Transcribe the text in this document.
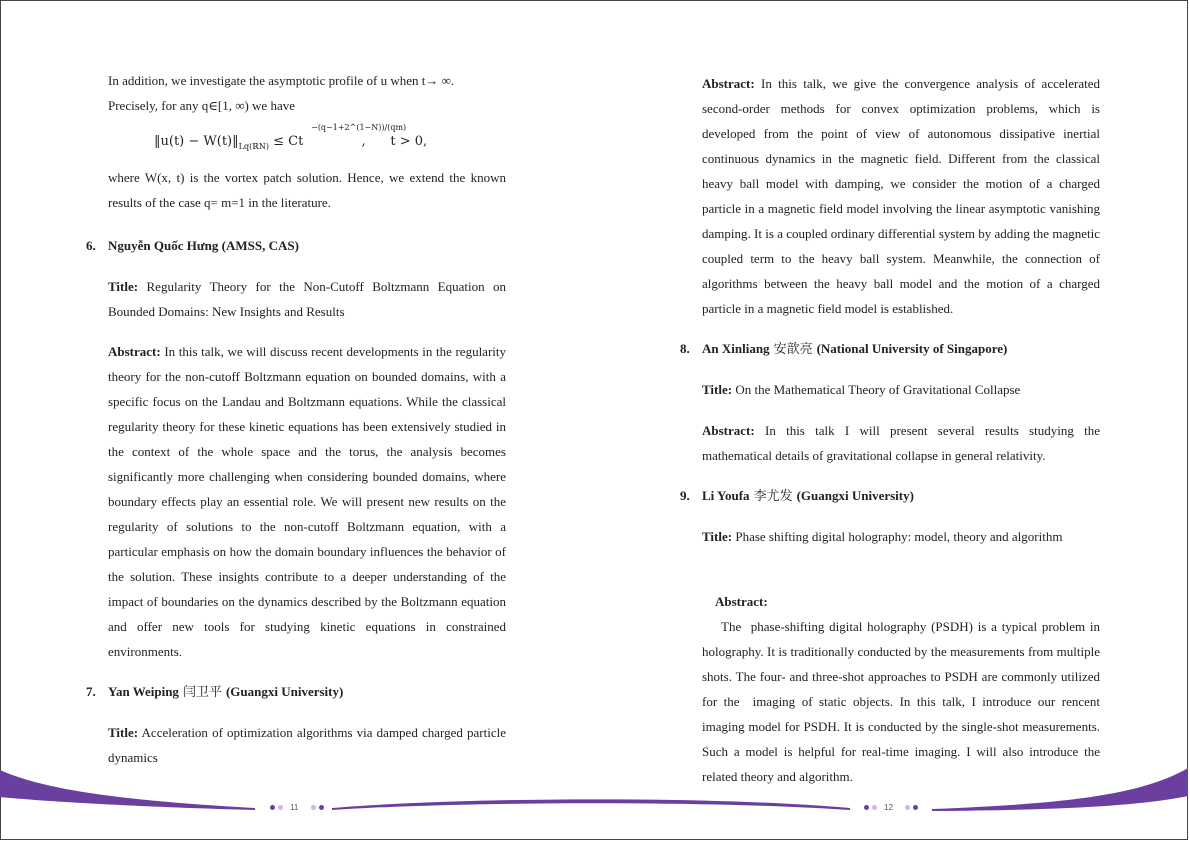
In addition, we investigate the asymptotic profile of u when t→ ∞.
Precisely, for any q∈[1, ∞) we have
‖u(t) − $W(t)‖_{Lq(ℝN)} \le Ct$
−(q−1+2^(1−N))/(qm)
,      t > 0,
where W(x, t) is the vortex patch solution. Hence, we extend the known results of the case q= m=1 in the literature.
6. Nguyễn Quốc Hưng (AMSS, CAS)
Title: Regularity Theory for the Non-Cutoff Boltzmann Equation on Bounded Domains: New Insights and Results
Abstract: In this talk, we will discuss recent developments in the regularity theory for the non-cutoff Boltzmann equation on bounded domains, with a specific focus on the Landau and Boltzmann equations. While the classical regularity theory for these kinetic equations has been extensively studied in the context of the whole space and the torus, the analysis becomes significantly more challenging when considering bounded domains, where boundary effects play an essential role. We will present new results on the regularity of solutions to the non-cutoff Boltzmann equation, with a particular emphasis on how the domain boundary influences the behavior of the solution. These insights contribute to a deeper understanding of the impact of boundaries on the dynamics described by the Boltzmann equation and offer new tools for studying kinetic equations in constrained environments.
7. Yan Weiping 闫卫平 (Guangxi University)
Title: Acceleration of optimization algorithms via damped charged particle dynamics
Abstract: In this talk, we give the convergence analysis of accelerated second-order methods for convex optimization problems, which is developed from the point of view of autonomous dissipative inertial continuous dynamics in the magnetic field. Different from the classical heavy ball model with damping, we consider the motion of a charged particle in a magnetic field model involving the linear asymptotic vanishing damping. It is a coupled ordinary differential system by adding the magnetic coupled term to the heavy ball system. Meanwhile, the connection of algorithms between the heavy ball model and the motion of a charged particle in a magnetic field model is established.
8. An Xinliang 安歆亮 (National University of Singapore)
Title: On the Mathematical Theory of Gravitational Collapse
Abstract: In this talk I will present several results studying the mathematical details of gravitational collapse in general relativity.
9. Li Youfa 李尤发 (Guangxi University)
Title: Phase shifting digital holography: model, theory and algorithm

Abstract:
The  phase-shifting digital holography (PSDH) is a typical problem in holography. It is traditionally conducted by the measurements from multiple shots. The four- and three-shot approaches to PSDH are commonly utilized for the  imaging of static objects. In this talk, I introduce our rencent imaging model for PSDH. It is conducted by the single-shot measurements. Such a model is helpful for real-time imaging. I will also introduce the related theory and algorithm.

11	12
